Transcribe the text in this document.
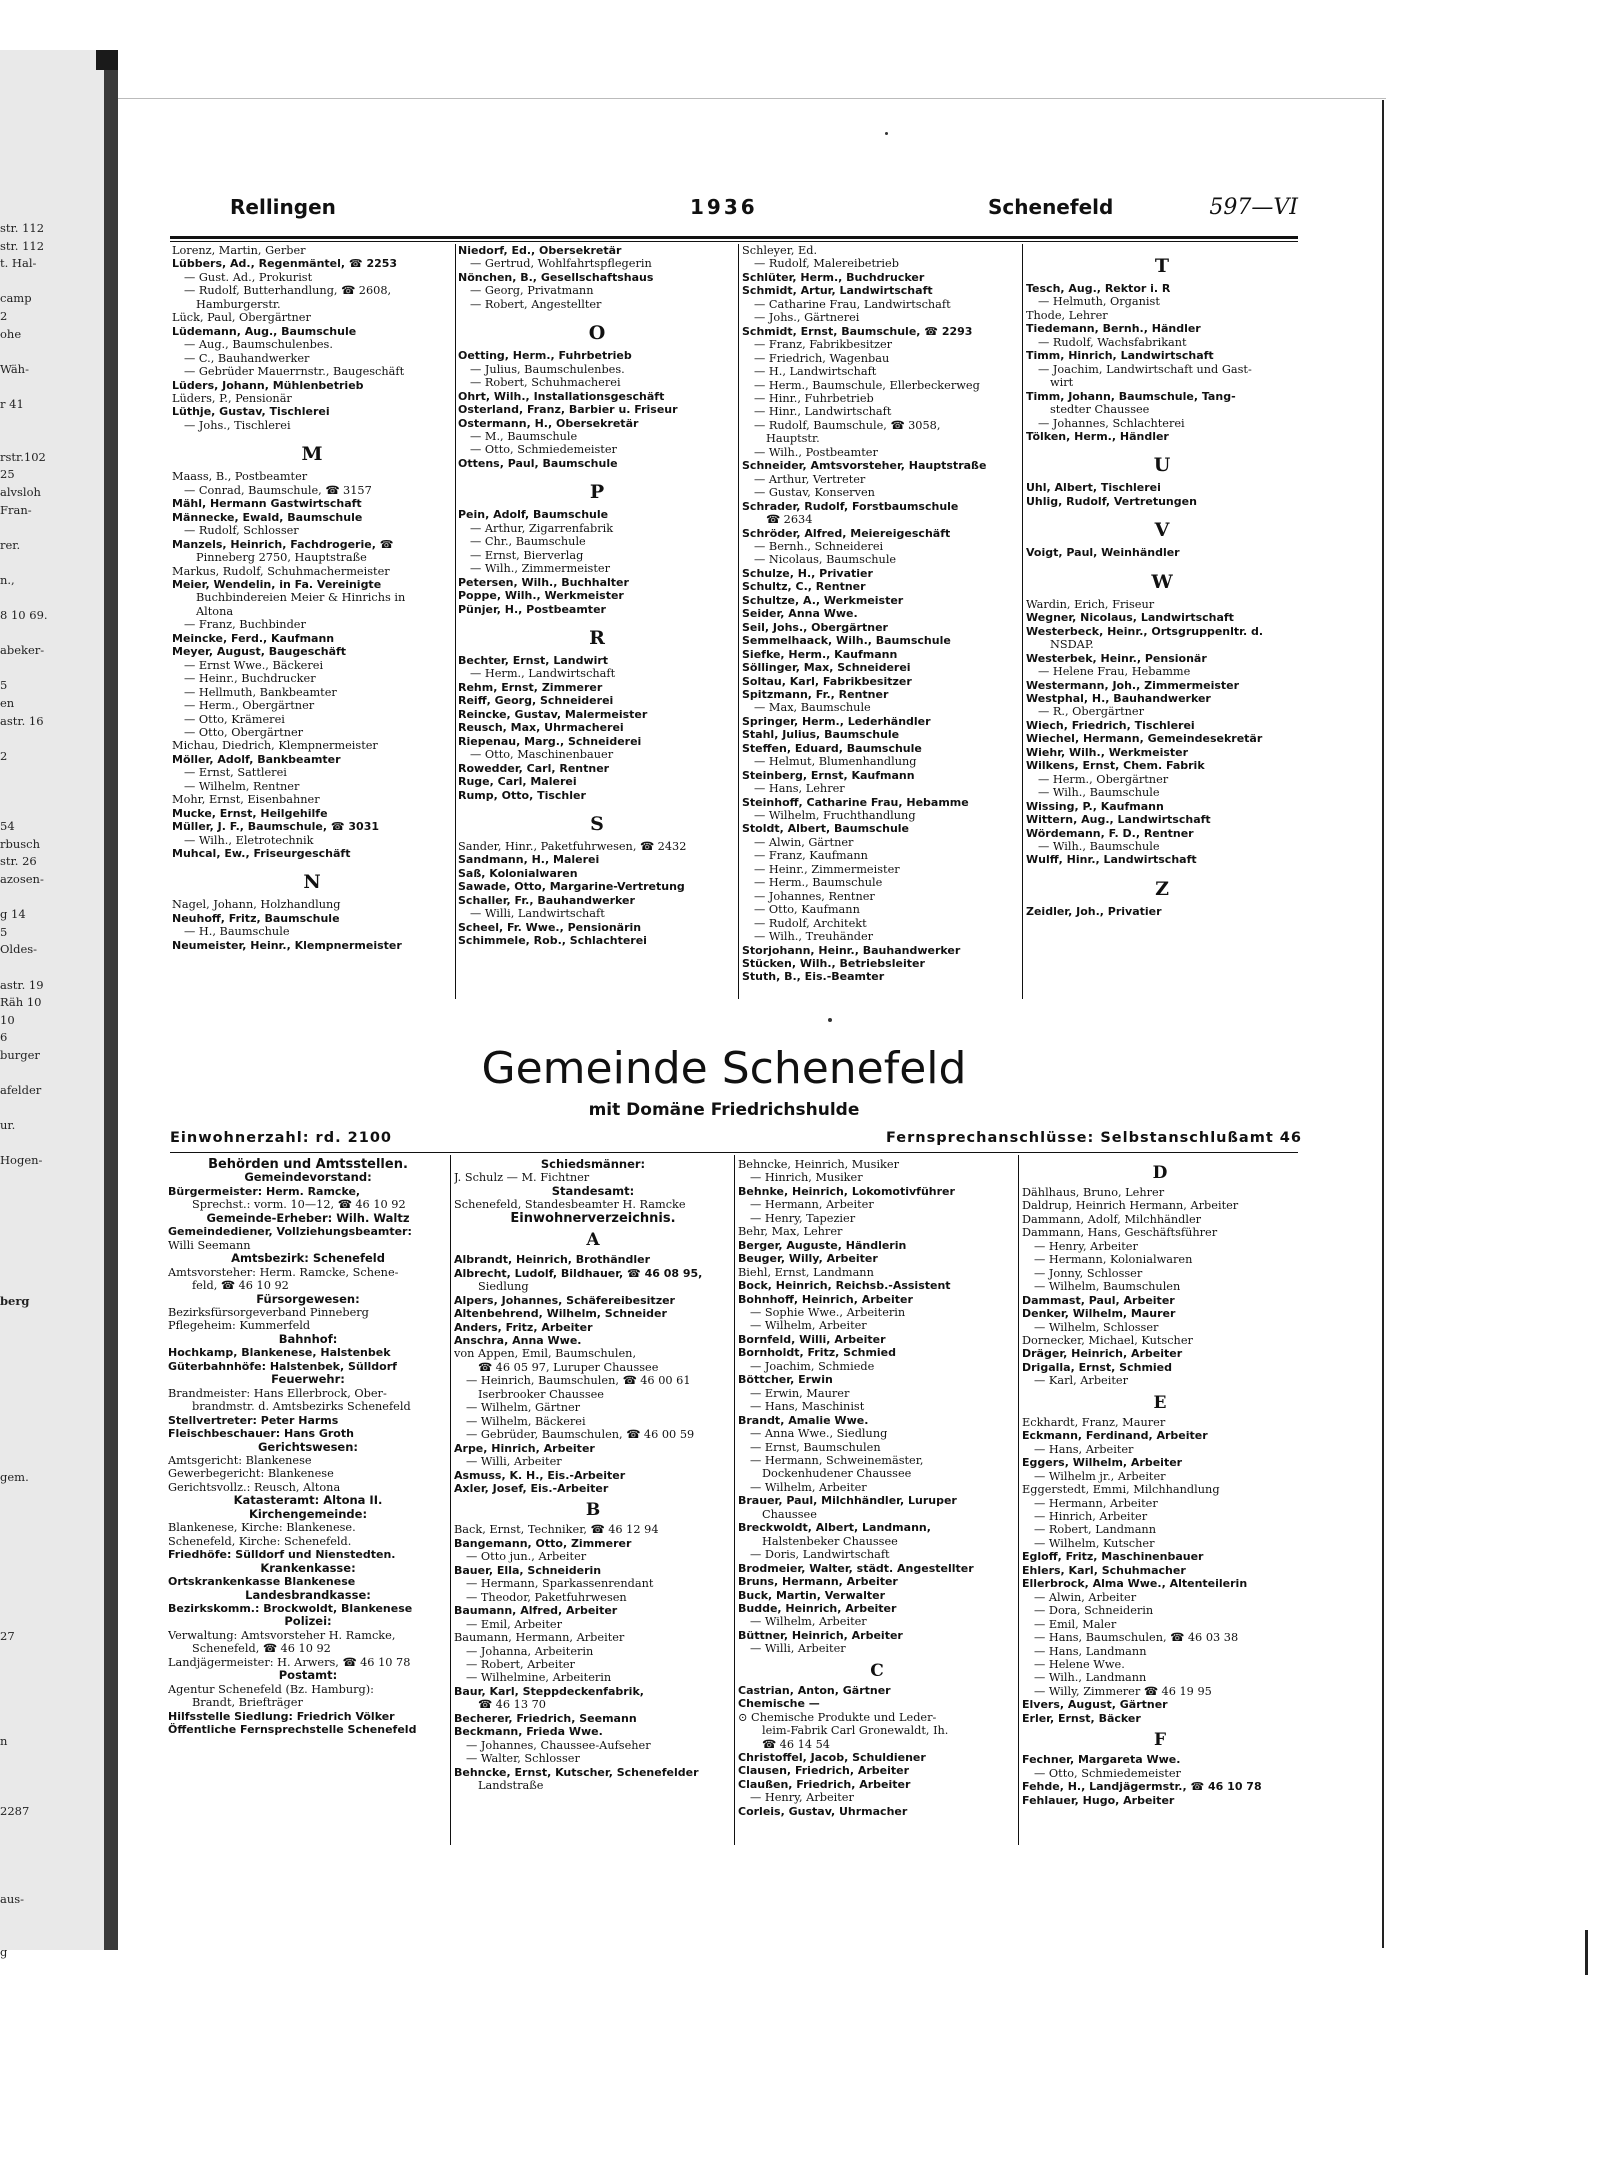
str. 112
str. 112
t. Hal-

camp
2
ohe

Wäh-

r 41

rstr.102
25
alvsloh
Fran-

rer.

n.,

8 10 69.

abeker-

5
en
astr. 16

2

54
rbusch
str. 26
azosen-

g 14
5
Oldes-

astr. 19
Räh 10
10
6
burger

afelder

ur.

Hogen-

berg

gem.

27

n

2287

aus-

g
Rellingen	1936	Schenefeld	597—VI
Lorenz, Martin, Gerber
Lübbers, Ad., Regenmäntel, ☎ 2253
— Gust. Ad., Prokurist
— Rudolf, Butterhandlung, ☎ 2608,
Hamburgerstr.
Lück, Paul, Obergärtner
Lüdemann, Aug., Baumschule
— Aug., Baumschulenbes.
— C., Bauhandwerker
— Gebrüder Mauerrnstr., Baugeschäft
Lüders, Johann, Mühlenbetrieb
Lüders, P., Pensionär
Lüthje, Gustav, Tischlerei
— Johs., Tischlerei
M
Maass, B., Postbeamter
— Conrad, Baumschule, ☎ 3157
Mähl, Hermann Gastwirtschaft
Männecke, Ewald, Baumschule
— Rudolf, Schlosser
Manzels, Heinrich, Fachdrogerie, ☎
Pinneberg 2750, Hauptstraße
Markus, Rudolf, Schuhmachermeister
Meier, Wendelin, in Fa. Vereinigte
Buchbindereien Meier & Hinrichs in
Altona
— Franz, Buchbinder
Meincke, Ferd., Kaufmann
Meyer, August, Baugeschäft
— Ernst Wwe., Bäckerei
— Heinr., Buchdrucker
— Hellmuth, Bankbeamter
— Herm., Obergärtner
— Otto, Krämerei
— Otto, Obergärtner
Michau, Diedrich, Klempnermeister
Möller, Adolf, Bankbeamter
— Ernst, Sattlerei
— Wilhelm, Rentner
Mohr, Ernst, Eisenbahner
Mucke, Ernst, Heilgehilfe
Müller, J. F., Baumschule, ☎ 3031
— Wilh., Eletrotechnik
Muhcal, Ew., Friseurgeschäft
N
Nagel, Johann, Holzhandlung
Neuhoff, Fritz, Baumschule
— H., Baumschule
Neumeister, Heinr., Klempnermeister
Niedorf, Ed., Obersekretär
— Gertrud, Wohlfahrtspflegerin
Nönchen, B., Gesellschaftshaus
— Georg, Privatmann
— Robert, Angestellter
O
Oetting, Herm., Fuhrbetrieb
— Julius, Baumschulenbes.
— Robert, Schuhmacherei
Ohrt, Wilh., Installationsgeschäft
Osterland, Franz, Barbier u. Friseur
Ostermann, H., Obersekretär
— M., Baumschule
— Otto, Schmiedemeister
Ottens, Paul, Baumschule
P
Pein, Adolf, Baumschule
— Arthur, Zigarrenfabrik
— Chr., Baumschule
— Ernst, Bierverlag
— Wilh., Zimmermeister
Petersen, Wilh., Buchhalter
Poppe, Wilh., Werkmeister
Pünjer, H., Postbeamter
R
Bechter, Ernst, Landwirt
— Herm., Landwirtschaft
Rehm, Ernst, Zimmerer
Reiff, Georg, Schneiderei
Reincke, Gustav, Malermeister
Reusch, Max, Uhrmacherei
Riepenau, Marg., Schneiderei
— Otto, Maschinenbauer
Rowedder, Carl, Rentner
Ruge, Carl, Malerei
Rump, Otto, Tischler
S
Sander, Hinr., Paketfuhrwesen, ☎ 2432
Sandmann, H., Malerei
Saß, Kolonialwaren
Sawade, Otto, Margarine-Vertretung
Schaller, Fr., Bauhandwerker
— Willi, Landwirtschaft
Scheel, Fr. Wwe., Pensionärin
Schimmele, Rob., Schlachterei
Schleyer, Ed.
— Rudolf, Malereibetrieb
Schlüter, Herm., Buchdrucker
Schmidt, Artur, Landwirtschaft
— Catharine Frau, Landwirtschaft
— Johs., Gärtnerei
Schmidt, Ernst, Baumschule, ☎ 2293
— Franz, Fabrikbesitzer
— Friedrich, Wagenbau
— H., Landwirtschaft
— Herm., Baumschule, Ellerbeckerweg
— Hinr., Fuhrbetrieb
— Hinr., Landwirtschaft
— Rudolf, Baumschule, ☎ 3058,
Hauptstr.
— Wilh., Postbeamter
Schneider, Amtsvorsteher, Hauptstraße
— Arthur, Vertreter
— Gustav, Konserven
Schrader, Rudolf, Forstbaumschule
☎ 2634
Schröder, Alfred, Meiereigeschäft
— Bernh., Schneiderei
— Nicolaus, Baumschule
Schulze, H., Privatier
Schultz, C., Rentner
Schultze, A., Werkmeister
Seider, Anna Wwe.
Seil, Johs., Obergärtner
Semmelhaack, Wilh., Baumschule
Siefke, Herm., Kaufmann
Söllinger, Max, Schneiderei
Soltau, Karl, Fabrikbesitzer
Spitzmann, Fr., Rentner
— Max, Baumschule
Springer, Herm., Lederhändler
Stahl, Julius, Baumschule
Steffen, Eduard, Baumschule
— Helmut, Blumenhandlung
Steinberg, Ernst, Kaufmann
— Hans, Lehrer
Steinhoff, Catharine Frau, Hebamme
— Wilhelm, Fruchthandlung
Stoldt, Albert, Baumschule
— Alwin, Gärtner
— Franz, Kaufmann
— Heinr., Zimmermeister
— Herm., Baumschule
— Johannes, Rentner
— Otto, Kaufmann
— Rudolf, Architekt
— Wilh., Treuhänder
Storjohann, Heinr., Bauhandwerker
Stücken, Wilh., Betriebsleiter
Stuth, B., Eis.-Beamter
T
Tesch, Aug., Rektor i. R
— Helmuth, Organist
Thode, Lehrer
Tiedemann, Bernh., Händler
— Rudolf, Wachsfabrikant
Timm, Hinrich, Landwirtschaft
— Joachim, Landwirtschaft und Gast-
wirt
Timm, Johann, Baumschule, Tang-
stedter Chaussee
— Johannes, Schlachterei
Tölken, Herm., Händler
U
Uhl, Albert, Tischlerei
Uhlig, Rudolf, Vertretungen
V
Voigt, Paul, Weinhändler
W
Wardin, Erich, Friseur
Wegner, Nicolaus, Landwirtschaft
Westerbeck, Heinr., Ortsgruppenltr. d.
NSDAP.
Westerbek, Heinr., Pensionär
— Helene Frau, Hebamme
Westermann, Joh., Zimmermeister
Westphal, H., Bauhandwerker
— R., Obergärtner
Wiech, Friedrich, Tischlerei
Wiechel, Hermann, Gemeindesekretär
Wiehr, Wilh., Werkmeister
Wilkens, Ernst, Chem. Fabrik
— Herm., Obergärtner
— Wilh., Baumschule
Wissing, P., Kaufmann
Wittern, Aug., Landwirtschaft
Wördemann, F. D., Rentner
— Wilh., Baumschule
Wulff, Hinr., Landwirtschaft
Z
Zeidler, Joh., Privatier
Gemeinde Schenefeld
mit Domäne Friedrichshulde
Einwohnerzahl: rd. 2100	Fernsprechanschlüsse: Selbstanschlußamt 46
Behörden und Amtsstellen.
Gemeindevorstand:
Bürgermeister: Herm. Ramcke,
Sprechst.: vorm. 10—12, ☎ 46 10 92
Gemeinde-Erheber: Wilh. Waltz
Gemeindediener, Vollziehungsbeamter:
Willi Seemann
Amtsbezirk: Schenefeld
Amtsvorsteher: Herm. Ramcke, Schene-
feld, ☎ 46 10 92
Fürsorgewesen:
Bezirksfürsorgeverband Pinneberg
Pflegeheim: Kummerfeld
Bahnhof:
Hochkamp, Blankenese, Halstenbek
Güterbahnhöfe: Halstenbek, Sülldorf
Feuerwehr:
Brandmeister: Hans Ellerbrock, Ober-
brandmstr. d. Amtsbezirks Schenefeld
Stellvertreter: Peter Harms
Fleischbeschauer: Hans Groth
Gerichtswesen:
Amtsgericht: Blankenese
Gewerbegericht: Blankenese
Gerichtsvollz.: Reusch, Altona
Katasteramt: Altona II.
Kirchengemeinde:
Blankenese, Kirche: Blankenese.
Schenefeld, Kirche: Schenefeld.
Friedhöfe: Sülldorf und Nienstedten.
Krankenkasse:
Ortskrankenkasse Blankenese
Landesbrandkasse:
Bezirkskomm.: Brockwoldt, Blankenese
Polizei:
Verwaltung: Amtsvorsteher H. Ramcke,
Schenefeld, ☎ 46 10 92
Landjägermeister: H. Arwers, ☎ 46 10 78
Postamt:
Agentur Schenefeld (Bz. Hamburg):
Brandt, Briefträger
Hilfsstelle Siedlung: Friedrich Völker
Öffentliche Fernsprechstelle Schenefeld
Schiedsmänner:
J. Schulz — M. Fichtner
Standesamt:
Schenefeld, Standesbeamter H. Ramcke
Einwohnerverzeichnis.
A
Albrandt, Heinrich, Brothändler
Albrecht, Ludolf, Bildhauer, ☎ 46 08 95,
Siedlung
Alpers, Johannes, Schäfereibesitzer
Altenbehrend, Wilhelm, Schneider
Anders, Fritz, Arbeiter
Anschra, Anna Wwe.
von Appen, Emil, Baumschulen,
☎ 46 05 97, Luruper Chaussee
— Heinrich, Baumschulen, ☎ 46 00 61
Iserbrooker Chaussee
— Wilhelm, Gärtner
— Wilhelm, Bäckerei
— Gebrüder, Baumschulen, ☎ 46 00 59
Arpe, Hinrich, Arbeiter
— Willi, Arbeiter
Asmuss, K. H., Eis.-Arbeiter
Axler, Josef, Eis.-Arbeiter
B
Back, Ernst, Techniker, ☎ 46 12 94
Bangemann, Otto, Zimmerer
— Otto jun., Arbeiter
Bauer, Ella, Schneiderin
— Hermann, Sparkassenrendant
— Theodor, Paketfuhrwesen
Baumann, Alfred, Arbeiter
— Emil, Arbeiter
Baumann, Hermann, Arbeiter
— Johanna, Arbeiterin
— Robert, Arbeiter
— Wilhelmine, Arbeiterin
Baur, Karl, Steppdeckenfabrik,
☎ 46 13 70
Becherer, Friedrich, Seemann
Beckmann, Frieda Wwe.
— Johannes, Chaussee-Aufseher
— Walter, Schlosser
Behncke, Ernst, Kutscher, Schenefelder
Landstraße
Behncke, Heinrich, Musiker
— Hinrich, Musiker
Behnke, Heinrich, Lokomotivführer
— Hermann, Arbeiter
— Henry, Tapezier
Behr, Max, Lehrer
Berger, Auguste, Händlerin
Beuger, Willy, Arbeiter
Biehl, Ernst, Landmann
Bock, Heinrich, Reichsb.-Assistent
Bohnhoff, Heinrich, Arbeiter
— Sophie Wwe., Arbeiterin
— Wilhelm, Arbeiter
Bornfeld, Willi, Arbeiter
Bornholdt, Fritz, Schmied
— Joachim, Schmiede
Böttcher, Erwin
— Erwin, Maurer
— Hans, Maschinist
Brandt, Amalie Wwe.
— Anna Wwe., Siedlung
— Ernst, Baumschulen
— Hermann, Schweinemäster,
Dockenhudener Chaussee
— Wilhelm, Arbeiter
Brauer, Paul, Milchhändler, Luruper
Chaussee
Breckwoldt, Albert, Landmann,
Halstenbeker Chaussee
— Doris, Landwirtschaft
Brodmeier, Walter, städt. Angestellter
Bruns, Hermann, Arbeiter
Buck, Martin, Verwalter
Budde, Heinrich, Arbeiter
— Wilhelm, Arbeiter
Büttner, Heinrich, Arbeiter
— Willi, Arbeiter
C
Castrian, Anton, Gärtner
Chemische —
⊙ Chemische Produkte und Leder-
leim-Fabrik Carl Gronewaldt, Ih.
☎ 46 14 54
Christoffel, Jacob, Schuldiener
Clausen, Friedrich, Arbeiter
Claußen, Friedrich, Arbeiter
— Henry, Arbeiter
Corleis, Gustav, Uhrmacher
D
Dählhaus, Bruno, Lehrer
Daldrup, Heinrich Hermann, Arbeiter
Dammann, Adolf, Milchhändler
Dammann, Hans, Geschäftsführer
— Henry, Arbeiter
— Hermann, Kolonialwaren
— Jonny, Schlosser
— Wilhelm, Baumschulen
Dammast, Paul, Arbeiter
Denker, Wilhelm, Maurer
— Wilhelm, Schlosser
Dornecker, Michael, Kutscher
Dräger, Heinrich, Arbeiter
Drigalla, Ernst, Schmied
— Karl, Arbeiter
E
Eckhardt, Franz, Maurer
Eckmann, Ferdinand, Arbeiter
— Hans, Arbeiter
Eggers, Wilhelm, Arbeiter
— Wilhelm jr., Arbeiter
Eggerstedt, Emmi, Milchhandlung
— Hermann, Arbeiter
— Hinrich, Arbeiter
— Robert, Landmann
— Wilhelm, Kutscher
Egloff, Fritz, Maschinenbauer
Ehlers, Karl, Schuhmacher
Ellerbrock, Alma Wwe., Altenteilerin
— Alwin, Arbeiter
— Dora, Schneiderin
— Emil, Maler
— Hans, Baumschulen, ☎ 46 03 38
— Hans, Landmann
— Helene Wwe.
— Wilh., Landmann
— Willy, Zimmerer ☎ 46 19 95
Elvers, August, Gärtner
Erler, Ernst, Bäcker
F
Fechner, Margareta Wwe.
— Otto, Schmiedemeister
Fehde, H., Landjägermstr., ☎ 46 10 78
Fehlauer, Hugo, Arbeiter
